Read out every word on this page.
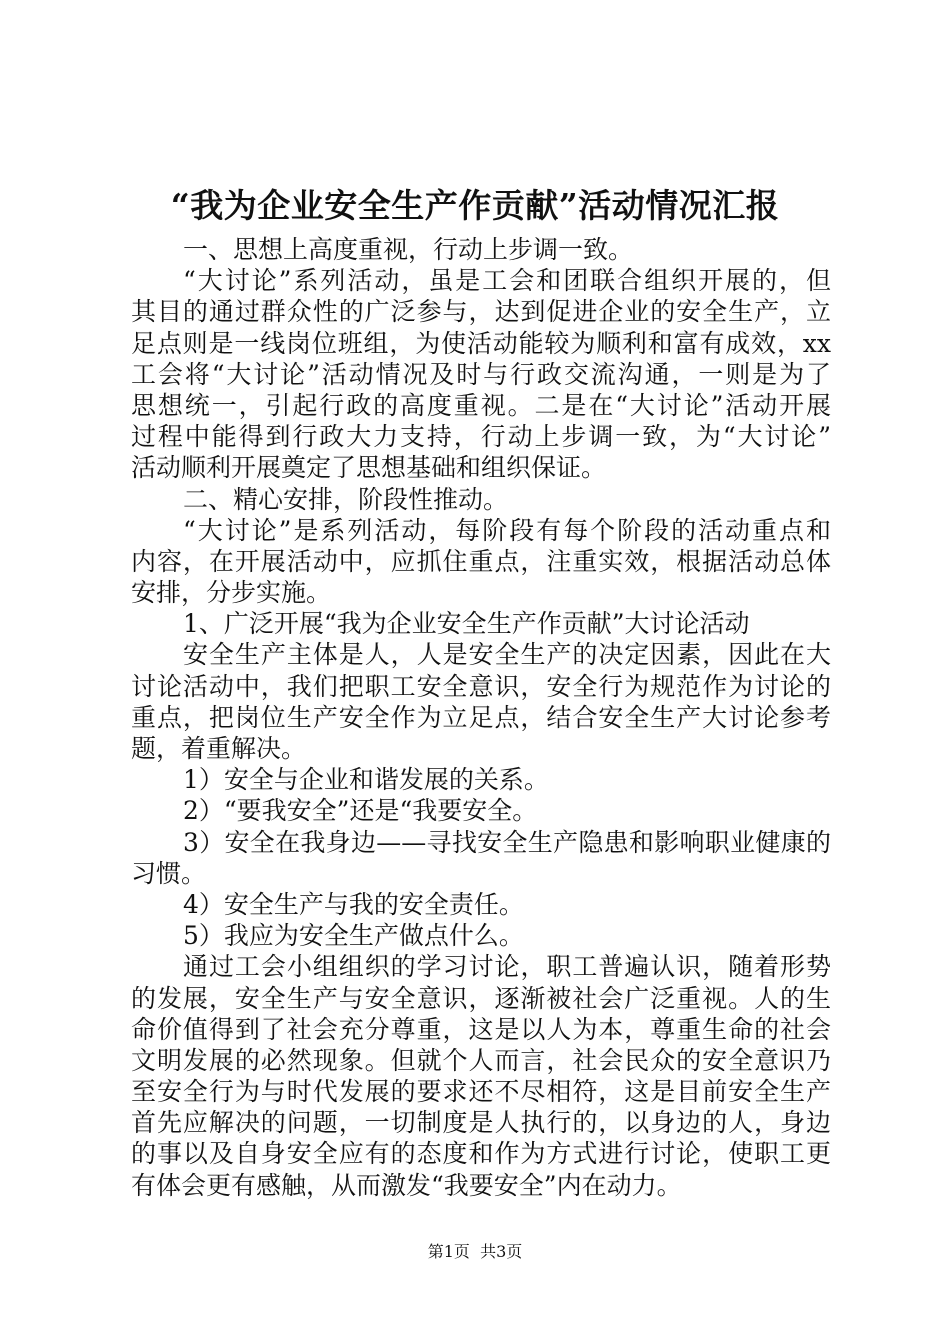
“我为企业安全生产作贡献”活动情况汇报
一、思想上高度重视，行动上步调一致。
“大讨论”系列活动，虽是工会和团联合组织开展的，但
其目的通过群众性的广泛参与，达到促进企业的安全生产，立
足点则是一线岗位班组，为使活动能较为顺利和富有成效，xx
工会将“大讨论”活动情况及时与行政交流沟通，一则是为了
思想统一，引起行政的高度重视。二是在“大讨论”活动开展
过程中能得到行政大力支持，行动上步调一致，为“大讨论”
活动顺利开展奠定了思想基础和组织保证。
二、精心安排，阶段性推动。
“大讨论”是系列活动，每阶段有每个阶段的活动重点和
内容，在开展活动中，应抓住重点，注重实效，根据活动总体
安排，分步实施。
1、广泛开展“我为企业安全生产作贡献”大讨论活动
安全生产主体是人，人是安全生产的决定因素，因此在大
讨论活动中，我们把职工安全意识，安全行为规范作为讨论的
重点，把岗位生产安全作为立足点，结合安全生产大讨论参考
题，着重解决。
1）安全与企业和谐发展的关系。
2）“要我安全”还是“我要安全。
3）安全在我身边——寻找安全生产隐患和影响职业健康的
习惯。
4）安全生产与我的安全责任。
5）我应为安全生产做点什么。
通过工会小组组织的学习讨论，职工普遍认识，随着形势
的发展，安全生产与安全意识，逐渐被社会广泛重视。人的生
命价值得到了社会充分尊重，这是以人为本，尊重生命的社会
文明发展的必然现象。但就个人而言，社会民众的安全意识乃
至安全行为与时代发展的要求还不尽相符，这是目前安全生产
首先应解决的问题，一切制度是人执行的，以身边的人，身边
的事以及自身安全应有的态度和作为方式进行讨论，使职工更
有体会更有感触，从而激发“我要安全”内在动力。
第1页  共3页
